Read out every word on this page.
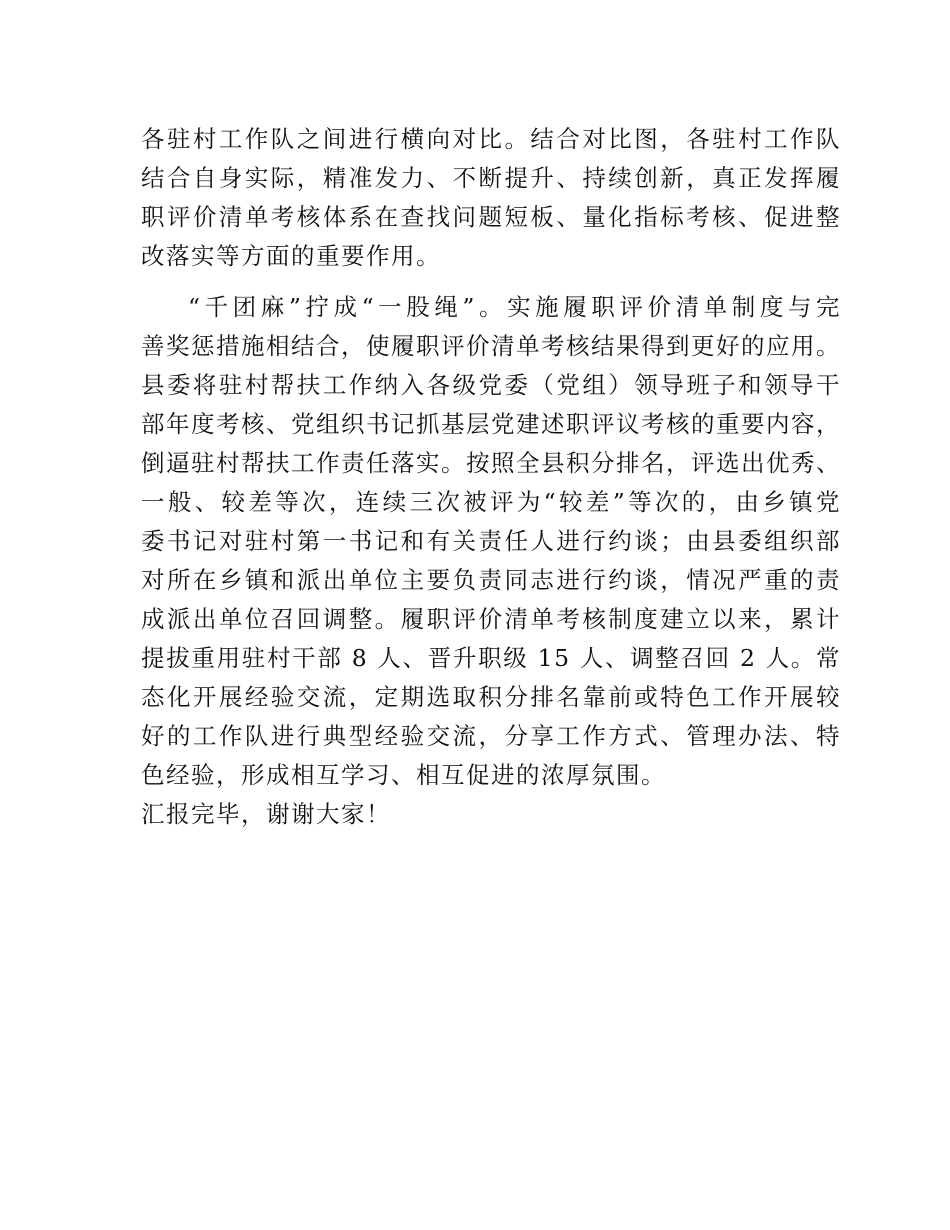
各驻村工作队之间进行横向对比。结合对比图，各驻村工作队
结合自身实际，精准发力、不断提升、持续创新，真正发挥履
职评价清单考核体系在查找问题短板、量化指标考核、促进整
改落实等方面的重要作用。
“千团麻”拧成“一股绳”。实施履职评价清单制度与完
善奖惩措施相结合，使履职评价清单考核结果得到更好的应用。
县委将驻村帮扶工作纳入各级党委（党组）领导班子和领导干
部年度考核、党组织书记抓基层党建述职评议考核的重要内容，
倒逼驻村帮扶工作责任落实。按照全县积分排名，评选出优秀、
一般、较差等次，连续三次被评为“较差”等次的，由乡镇党
委书记对驻村第一书记和有关责任人进行约谈；由县委组织部
对所在乡镇和派出单位主要负责同志进行约谈，情况严重的责
成派出单位召回调整。履职评价清单考核制度建立以来，累计
提拔重用驻村干部 8 人、晋升职级 15 人、调整召回 2 人。常
态化开展经验交流，定期选取积分排名靠前或特色工作开展较
好的工作队进行典型经验交流，分享工作方式、管理办法、特
色经验，形成相互学习、相互促进的浓厚氛围。
汇报完毕，谢谢大家！
